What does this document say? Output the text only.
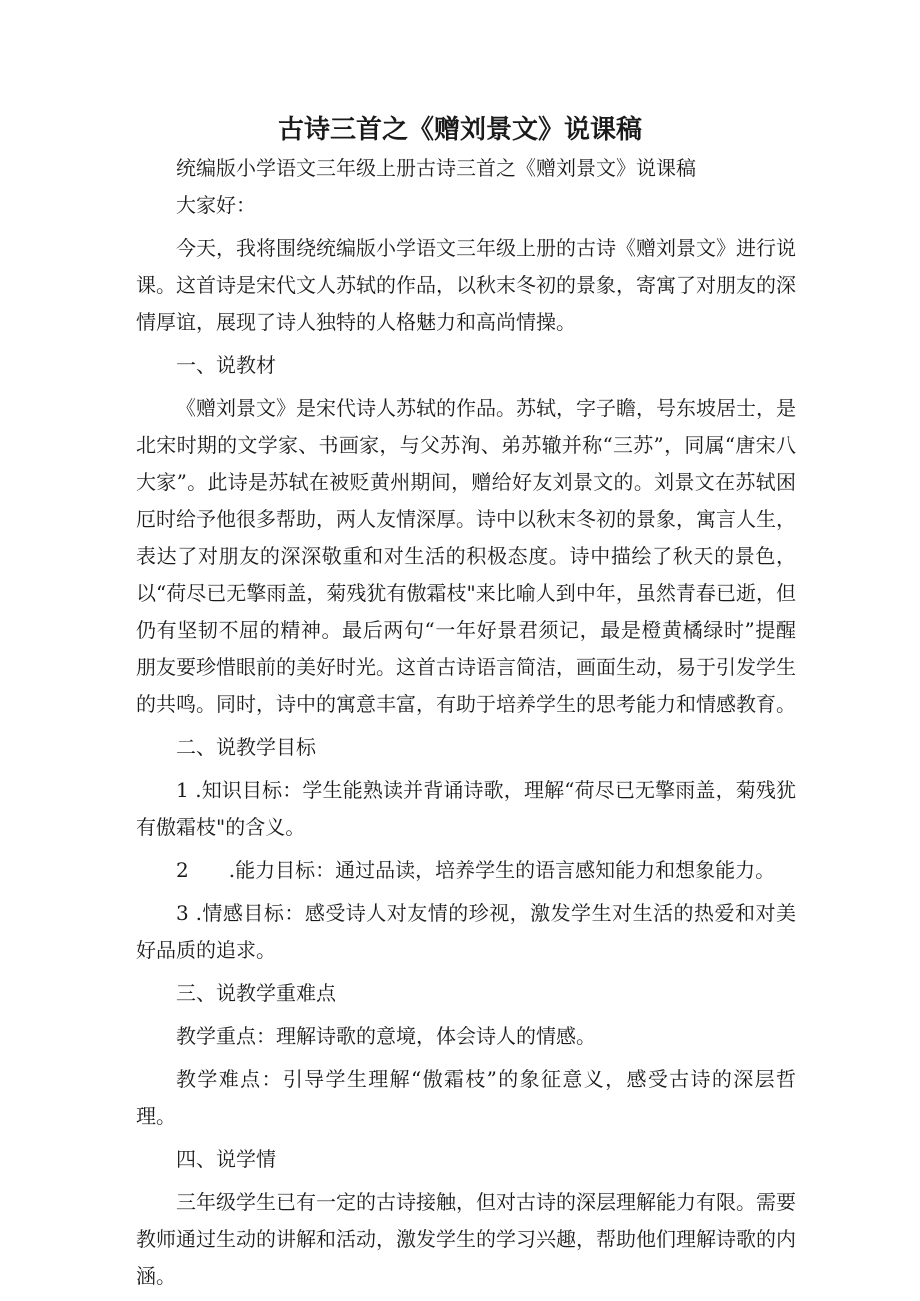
古诗三首之《赠刘景文》说课稿

统编版小学语文三年级上册古诗三首之《赠刘景文》说课稿

大家好：

今天，我将围绕统编版小学语文三年级上册的古诗《赠刘景文》进行说课。这首诗是宋代文人苏轼的作品，以秋末冬初的景象，寄寓了对朋友的深情厚谊，展现了诗人独特的人格魅力和高尚情操。

一、说教材

《赠刘景文》是宋代诗人苏轼的作品。苏轼，字子瞻，号东坡居士，是北宋时期的文学家、书画家，与父苏洵、弟苏辙并称“三苏”，同属“唐宋八大家”。此诗是苏轼在被贬黄州期间，赠给好友刘景文的。刘景文在苏轼困厄时给予他很多帮助，两人友情深厚。诗中以秋末冬初的景象，寓言人生，表达了对朋友的深深敬重和对生活的积极态度。诗中描绘了秋天的景色，以“荷尽已无擎雨盖，菊残犹有傲霜枝"来比喻人到中年，虽然青春已逝，但仍有坚韧不屈的精神。最后两句“一年好景君须记，最是橙黄橘绿时”提醒朋友要珍惜眼前的美好时光。这首古诗语言简洁，画面生动，易于引发学生的共鸣。同时，诗中的寓意丰富，有助于培养学生的思考能力和情感教育。

二、说教学目标

1 .知识目标：学生能熟读并背诵诗歌，理解“荷尽已无擎雨盖，菊残犹有傲霜枝"的含义。

2　　.能力目标：通过品读，培养学生的语言感知能力和想象能力。

3 .情感目标：感受诗人对友情的珍视，激发学生对生活的热爱和对美好品质的追求。

三、说教学重难点

教学重点：理解诗歌的意境，体会诗人的情感。

教学难点：引导学生理解“傲霜枝”的象征意义，感受古诗的深层哲理。

四、说学情

三年级学生已有一定的古诗接触，但对古诗的深层理解能力有限。需要教师通过生动的讲解和活动，激发学生的学习兴趣，帮助他们理解诗歌的内涵。
